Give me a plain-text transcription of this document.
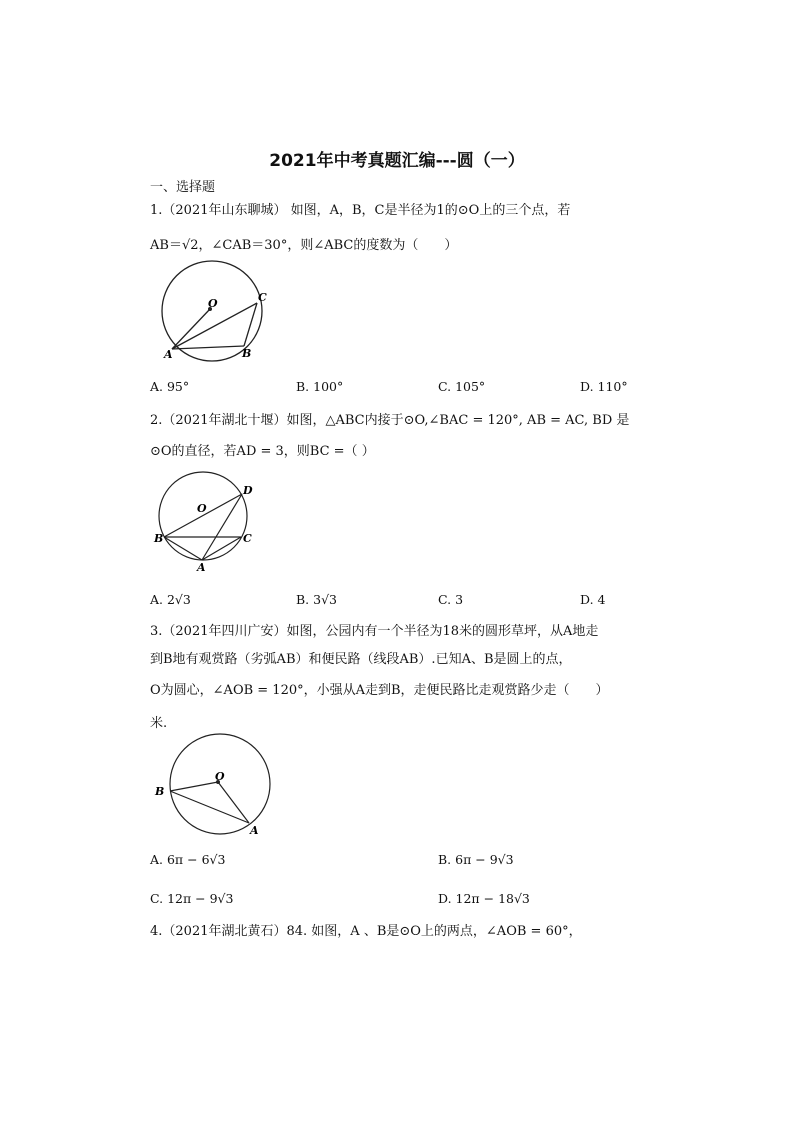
2021年中考真题汇编---圆（一）
一、选择题
1.（2021年山东聊城） 如图，A，B，C是半径为1的⊙O上的三个点，若
AB＝√2，∠CAB＝30°，则∠ABC的度数为（　　）
O	C
A	B
A. 95°	B. 100°	C. 105°	D. 110°
2.（2021年湖北十堰）如图，△ABC内接于⊙O,∠BAC = 120°, AB = AC, BD 是
⊙O的直径，若AD = 3，则BC =（ ）
O
D
B	C
A
A. 2√3	B. 3√3	C. 3	D. 4
3.（2021年四川广安）如图，公园内有一个半径为18米的圆形草坪，从A地走
到B地有观赏路（劣弧AB）和便民路（线段AB）.已知A、B是圆上的点，
O为圆心，∠AOB = 120°，小强从A走到B，走便民路比走观赏路少走（　　）
米.
O
B
A
A. 6π − 6√3	B. 6π − 9√3
C. 12π − 9√3	D. 12π − 18√3
4.（2021年湖北黄石）84. 如图，A 、B是⊙O上的两点，∠AOB = 60°，
